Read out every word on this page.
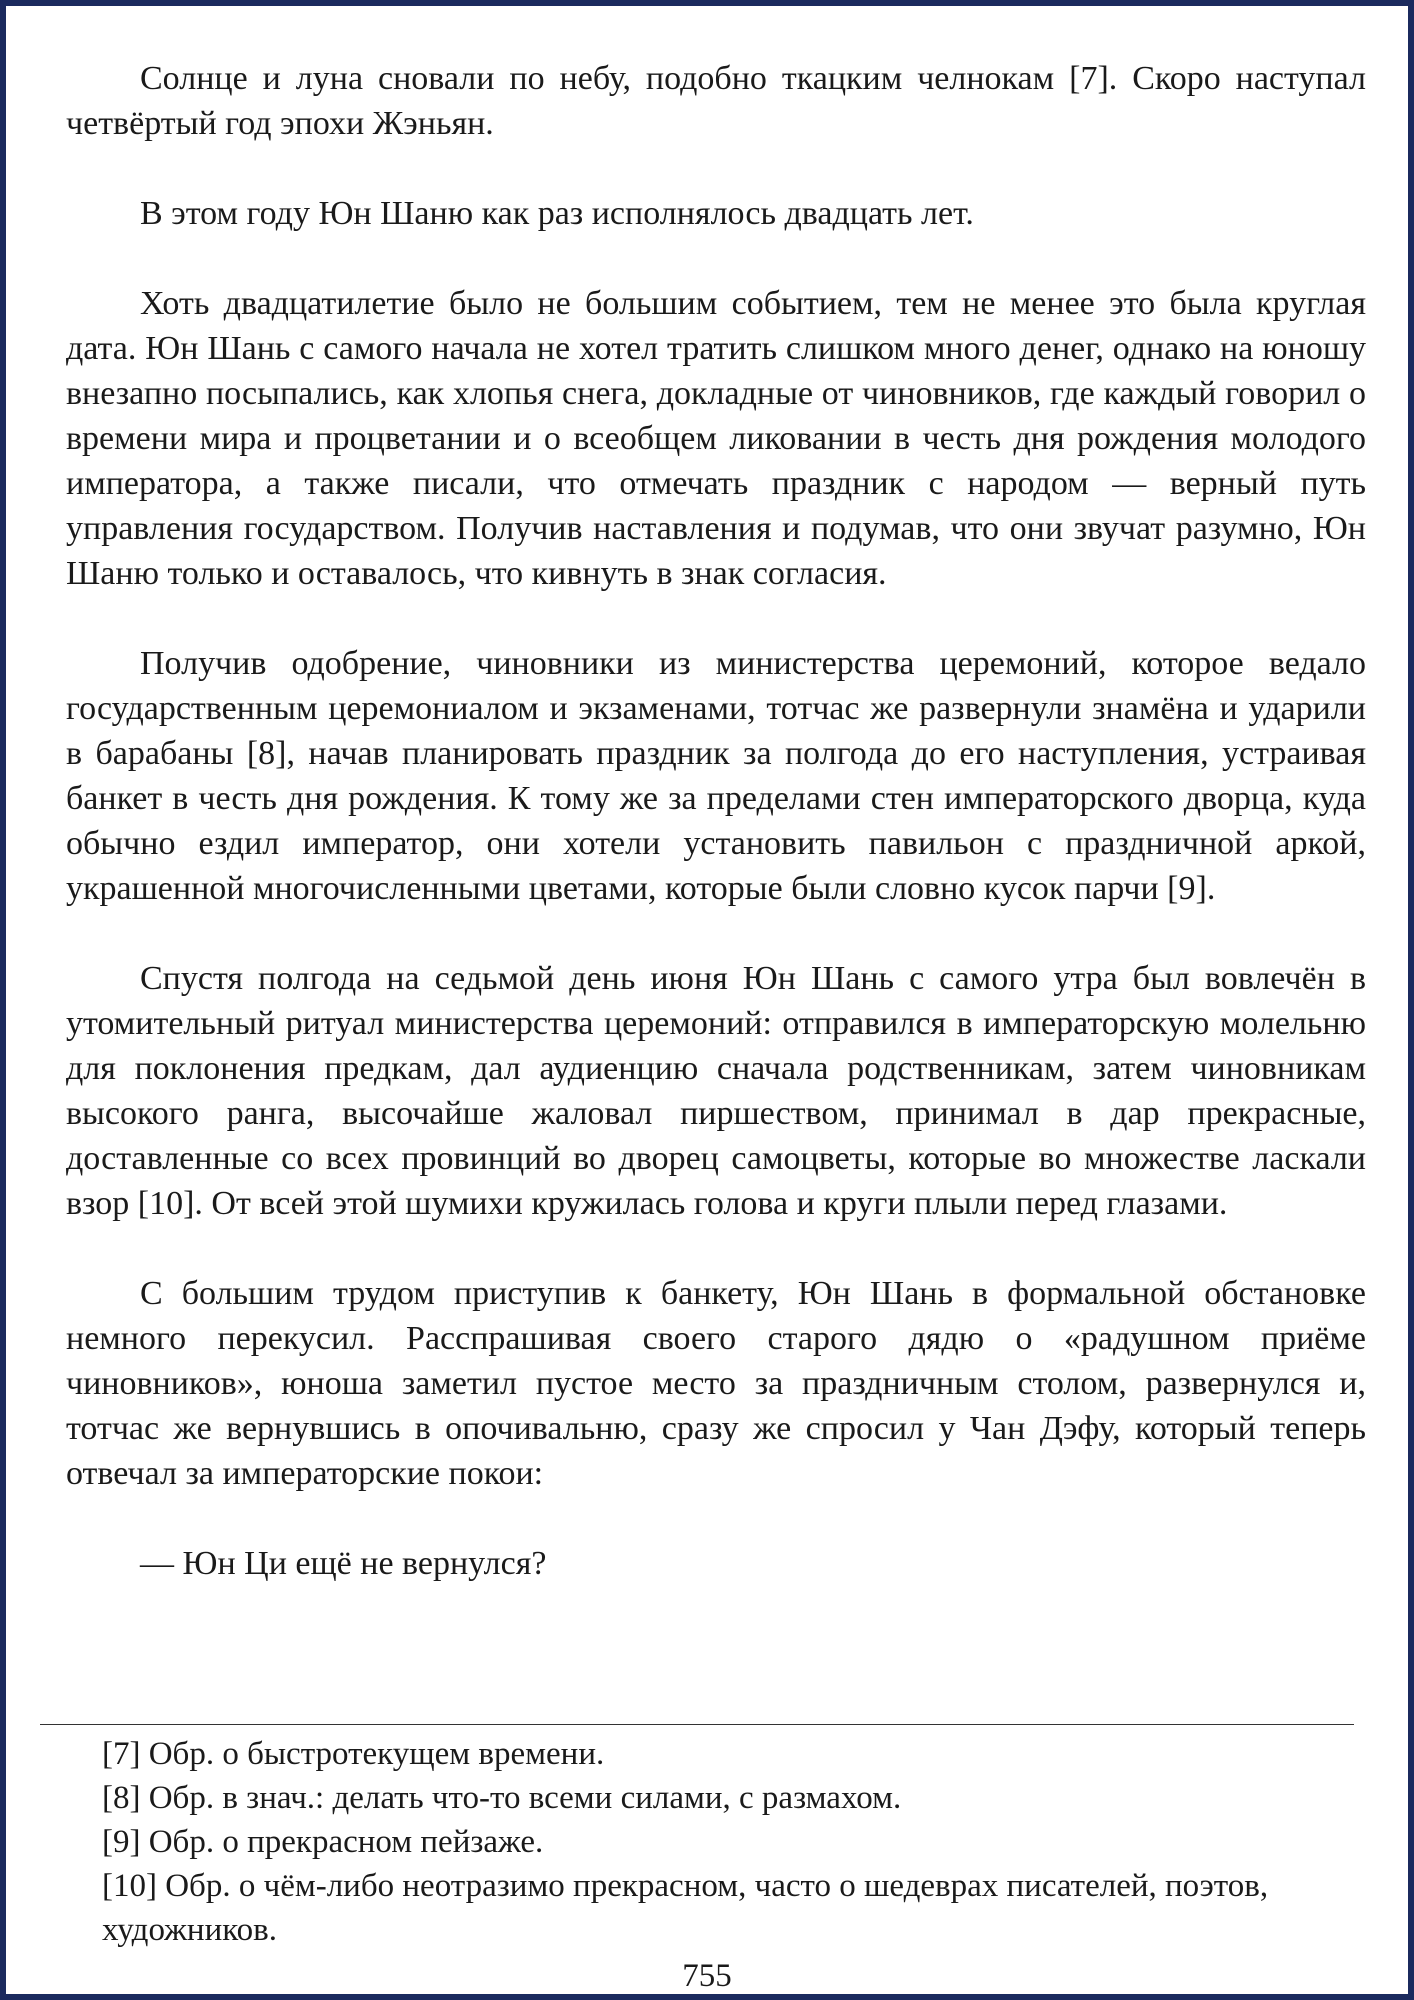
Солнце и луна сновали по небу, подобно ткацким челнокам [7]. Скоро наступал четвёртый год эпохи Жэньян.

В этом году Юн Шаню как раз исполнялось двадцать лет.

Хоть двадцатилетие было не большим событием, тем не менее это была круглая дата. Юн Шань с самого начала не хотел тратить слишком много денег, однако на юношу внезапно посыпались, как хлопья снега, докладные от чиновников, где каждый говорил о времени мира и процветании и о всеобщем ликовании в честь дня рождения молодого императора, а также писали, что отмечать праздник с народом — верный путь управления государством. Получив наставления и подумав, что они звучат разумно, Юн Шаню только и оставалось, что кивнуть в знак согласия.

Получив одобрение, чиновники из министерства церемоний, которое ведало государственным церемониалом и экзаменами, тотчас же развернули знамёна и ударили в барабаны [8], начав планировать праздник за полгода до его наступления, устраивая банкет в честь дня рождения. К тому же за пределами стен императорского дворца, куда обычно ездил император, они хотели установить павильон с праздничной аркой, украшенной многочисленными цветами, которые были словно кусок парчи [9].

Спустя полгода на седьмой день июня Юн Шань с самого утра был вовлечён в утомительный ритуал министерства церемоний: отправился в императорскую молельню для поклонения предкам, дал аудиенцию сначала родственникам, затем чиновникам высокого ранга, высочайше жаловал пиршеством, принимал в дар прекрасные, доставленные со всех провинций во дворец самоцветы, которые во множестве ласкали взор [10]. От всей этой шумихи кружилась голова и круги плыли перед глазами.

С большим трудом приступив к банкету, Юн Шань в формальной обстановке немного перекусил. Расспрашивая своего старого дядю о «радушном приёме чиновников», юноша заметил пустое место за праздничным столом, развернулся и, тотчас же вернувшись в опочивальню, сразу же спросил у Чан Дэфу, который теперь отвечал за императорские покои:

— Юн Ци ещё не вернулся?

[7] Обр. о быстротекущем времени.

[8] Обр. в знач.: делать что-то всеми силами, с размахом.

[9] Обр. о прекрасном пейзаже.

[10] Обр. о чём-либо неотразимо прекрасном, часто о шедеврах писателей, поэтов, художников.

755
